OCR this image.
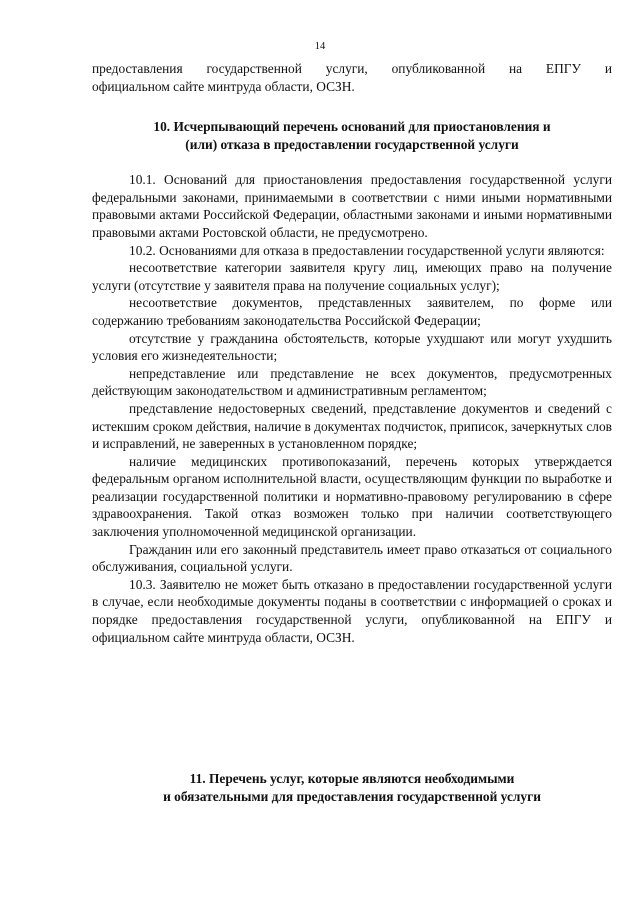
14

предоставления государственной услуги, опубликованной на ЕПГУ и

официальном сайте минтруда области, ОСЗН.

10. Исчерпывающий перечень оснований для приостановления и

(или) отказа в предоставлении государственной услуги

10.1. Оснований для приостановления предоставления государственной услуги федеральными законами, принимаемыми в соответствии с ними иными нормативными правовыми актами Российской Федерации, областными законами и иными нормативными правовыми актами Ростовской области, не предусмотрено.

10.2. Основаниями для отказа в предоставлении государственной услуги являются:

несоответствие категории заявителя кругу лиц, имеющих право на получение услуги (отсутствие у заявителя права на получение социальных услуг);

несоответствие документов, представленных заявителем, по форме или содержанию требованиям законодательства Российской Федерации;

отсутствие у гражданина обстоятельств, которые ухудшают или могут ухудшить условия его жизнедеятельности;

непредставление или представление не всех документов, предусмотренных действующим законодательством и административным регламентом;

представление недостоверных сведений, представление документов и сведений с истекшим сроком действия, наличие в документах подчисток, приписок, зачеркнутых слов и исправлений, не заверенных в установленном порядке;

наличие медицинских противопоказаний, перечень которых утверждается федеральным органом исполнительной власти, осуществляющим функции по выработке и реализации государственной политики и нормативно-правовому регулированию в сфере здравоохранения. Такой отказ возможен только при наличии соответствующего заключения уполномоченной медицинской организации.

Гражданин или его законный представитель имеет право отказаться от социального обслуживания, социальной услуги.

10.3. Заявителю не может быть отказано в предоставлении государственной услуги в случае, если необходимые документы поданы в соответствии с информацией о сроках и порядке предоставления государственной услуги, опубликованной на ЕПГУ и официальном сайте минтруда области, ОСЗН.

11. Перечень услуг, которые являются необходимыми

и обязательными для предоставления государственной услуги
